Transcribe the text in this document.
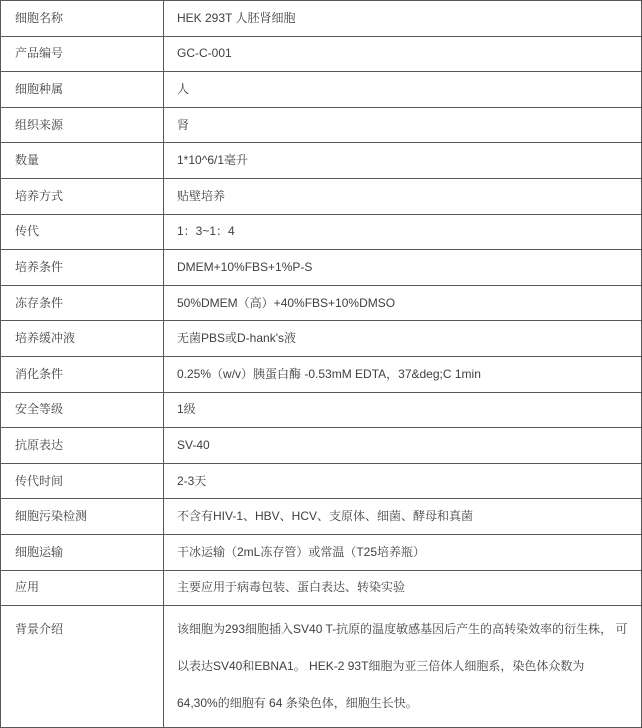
细胞名称	HEK 293T 人胚肾细胞
产品编号	GC-C-001
细胞种属	人
组织来源	肾
数量	1*10^6/1毫升
培养方式	贴壁培养
传代	1：3~1：4
培养条件	DMEM+10%FBS+1%P-S
冻存条件	50%DMEM（高）+40%FBS+10%DMSO
培养缓冲液	无菌PBS或D-hank's液
消化条件	0.25%（w/v）胰蛋白酶 -0.53mM EDTA，37&deg;C 1min
安全等级	1级
抗原表达	SV-40
传代时间	2-3天
细胞污染检测	不含有HIV-1、HBV、HCV、支原体、细菌、酵母和真菌
细胞运输	干冰运输（2mL冻存管）或常温（T25培养瓶）
应用	主要应用于病毒包装、蛋白表达、转染实验
背景介绍	该细胞为293细胞插入SV40 T-抗原的温度敏感基因后产生的高转染效率的衍生株， 可以表达SV40和EBNA1。 HEK-2 93T细胞为亚三倍体人细胞系，染色体众数为 64,30%的细胞有 64 条染色体，细胞生长快。
